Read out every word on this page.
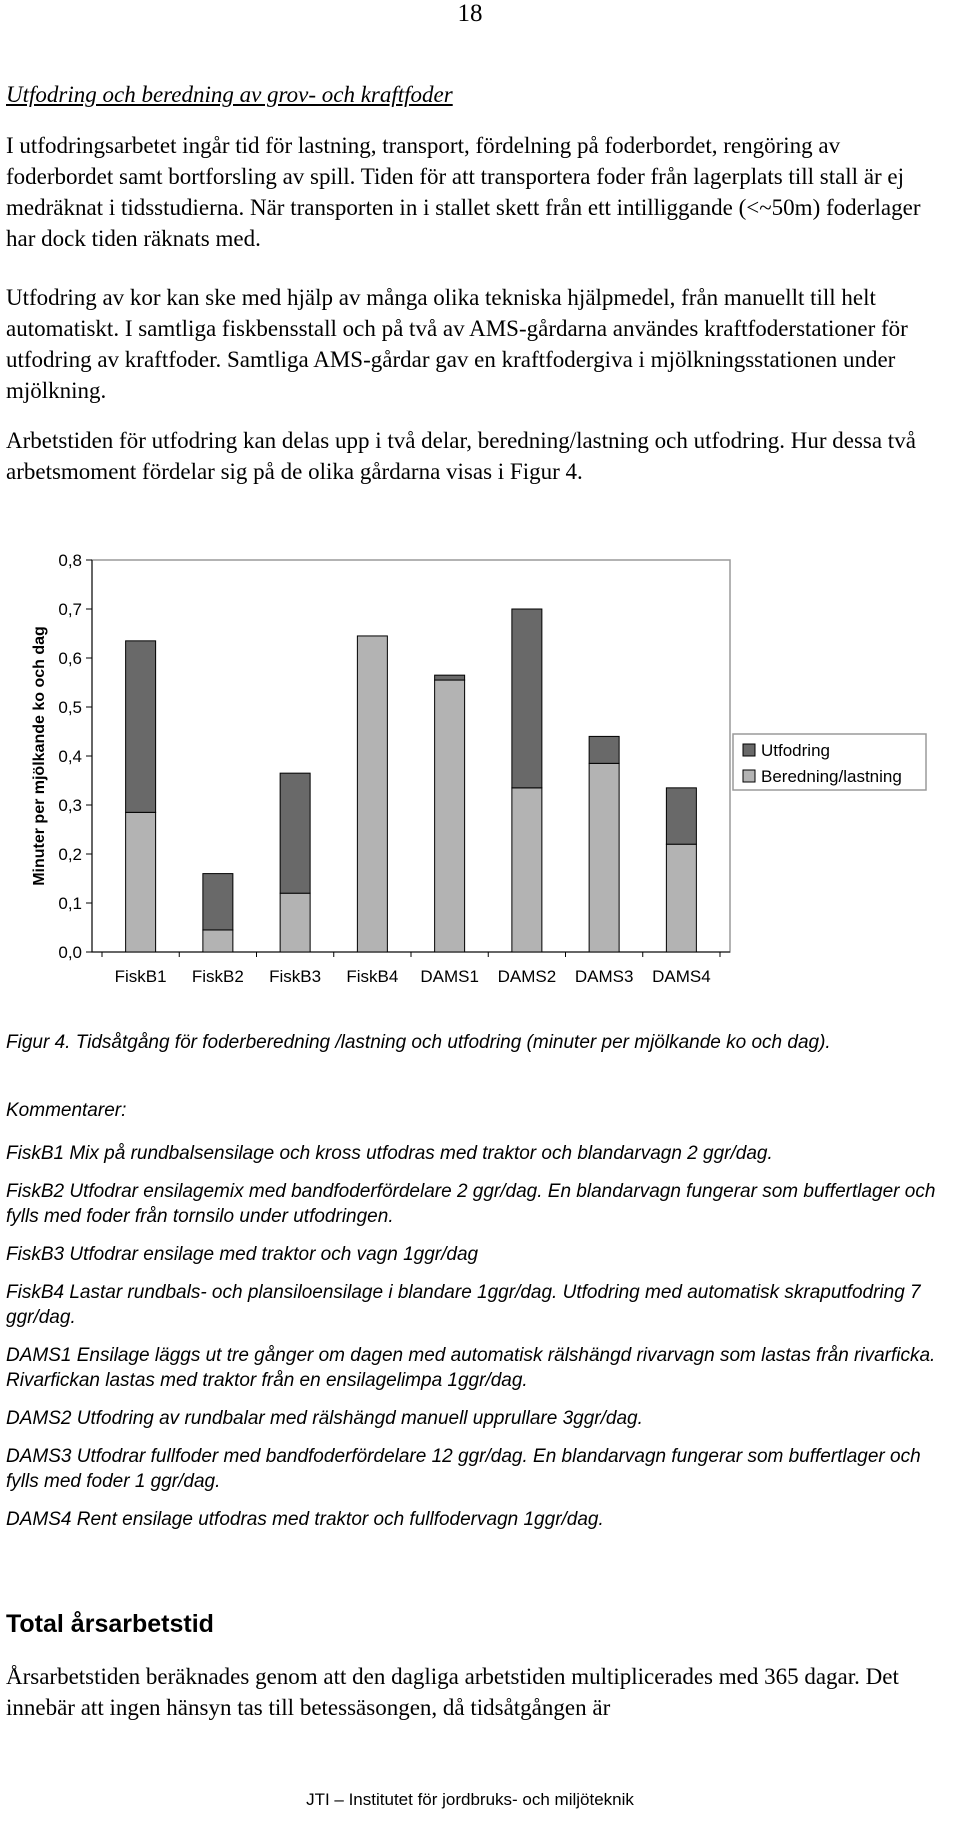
18
Utfodring och beredning av grov- och kraftfoder

I utfodringsarbetet ingår tid för lastning, transport, fördelning på foderbordet, rengöring av foderbordet samt bortforsling av spill. Tiden för att transportera foder från lagerplats till stall är ej medräknat i tidsstudierna. När transporten in i stallet skett från ett intilliggande (<~50m) foderlager har dock tiden räknats med.

Utfodring av kor kan ske med hjälp av många olika tekniska hjälpmedel, från manuellt till helt automatiskt. I samtliga fiskbensstall och på två av AMS-gårdarna användes kraftfoderstationer för utfodring av kraftfoder. Samtliga AMS-gårdar gav en kraftfodergiva i mjölkningsstationen under mjölkning.

Arbetstiden för utfodring kan delas upp i två delar, beredning/lastning och utfodring. Hur dessa två arbetsmoment fördelar sig på de olika gårdarna visas i Figur 4.

0,0
0,1
0,2
0,3
0,4
0,5
0,6
0,7
0,8
Minuter per mjölkande ko och dag
FiskB1 FiskB2 FiskB3 FiskB4 DAMS1 DAMS2 DAMS3 DAMS4
Utfodring
Beredning/lastning

Figur 4. Tidsåtgång för foderberedning /lastning och utfodring (minuter per mjölkande ko och dag).

Kommentarer:

FiskB1 Mix på rundbalsensilage och kross utfodras med traktor och blandarvagn 2 ggr/dag.

FiskB2 Utfodrar ensilagemix med bandfoderfördelare 2 ggr/dag. En blandarvagn fungerar som buffertlager och fylls med foder från tornsilo under utfodringen.

FiskB3 Utfodrar ensilage med traktor och vagn 1ggr/dag

FiskB4 Lastar rundbals- och plansiloensilage i blandare 1ggr/dag. Utfodring med automatisk skraputfodring 7 ggr/dag.

DAMS1 Ensilage läggs ut tre gånger om dagen med automatisk rälshängd rivarvagn som lastas från rivarficka. Rivarfickan lastas med traktor från en ensilagelimpa 1ggr/dag.

DAMS2 Utfodring av rundbalar med rälshängd manuell upprullare 3ggr/dag.

DAMS3 Utfodrar fullfoder med bandfoderfördelare 12 ggr/dag. En blandarvagn fungerar som buffertlager och fylls med foder 1 ggr/dag.

DAMS4 Rent ensilage utfodras med traktor och fullfodervagn 1ggr/dag.

Total årsarbetstid

Årsarbetstiden beräknades genom att den dagliga arbetstiden multiplicerades med 365 dagar. Det innebär att ingen hänsyn tas till betessäsongen, då tidsåtgången är

JTI – Institutet för jordbruks- och miljöteknik
